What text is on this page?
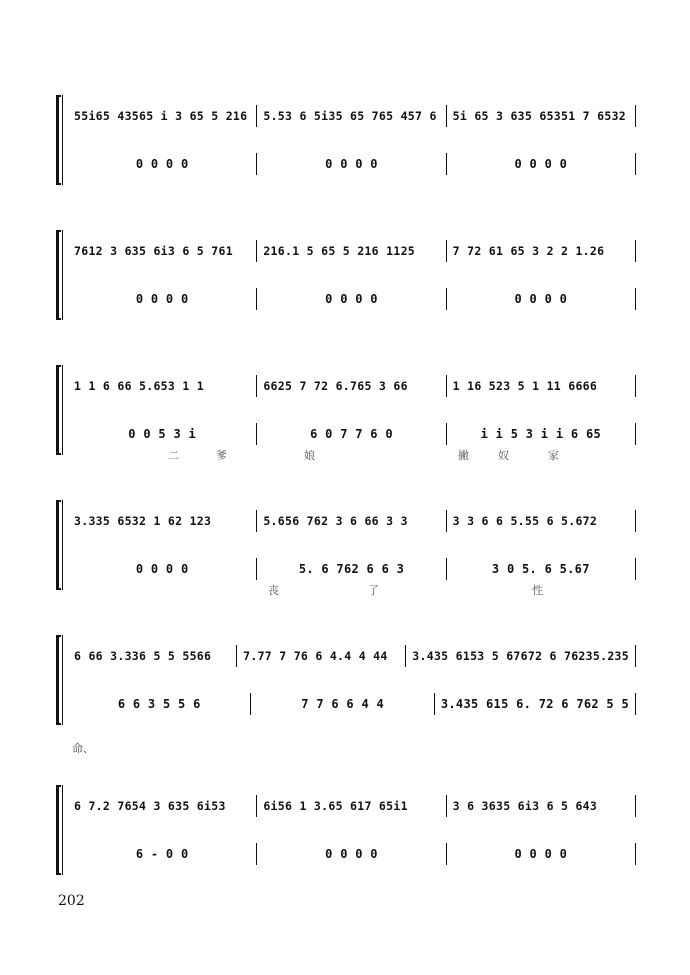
55i65 43565 i 3 65 5 216	5.53 6 5i35 65 765 457 6	5i 65 3 635 65351 7 6532
0 0 0 0	0 0 0 0	0 0 0 0
7612 3 635 6i3 6 5 761	216.1 5 65 5 216 1125	7 72 61 65 3 2 2 1.26
0 0 0 0	0 0 0 0	0 0 0 0
1 1 6 66 5.653 1 1	6625 7 72 6.765 3 66	1 16 523 5 1 11 6666
0 0 5 3 i	6 0 7 7 6 0	i i 5 3 i i 6 65
二	爹	娘	撇	奴	家
3.335 6532 1 62 123	5.656 762 3 6 66 3 3	3 3 6 6 5.55 6 5.672
0 0 0 0	5. 6 762 6 6 3	3 0 5. 6 5.67
丧	了	性
6 66 3.336 5 5 5566	7.77 7 76 6 4.4 4 44	3.435 6153 5 67672 6 76235.235
6 6 3 5 5 6	7 7 6 6 4 4	3.435 615 6. 72 6 762 5 5
命、
6 7.2 7654 3 635 6i53	6i56 1 3.65 617 65i1	3 6 3635 6i3 6 5 643
6 - 0 0	0 0 0 0	0 0 0 0
202
